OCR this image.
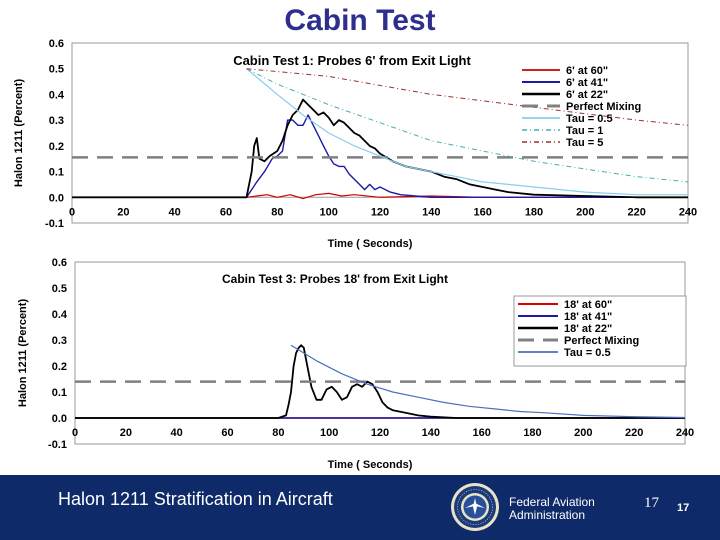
Cabin Test
-0.1
0.0
0.1
0.2
0.3
0.4
0.5
0.6
0	20	40	60	80	100	120	140	160	180	200	220	240
Time ( Seconds)
Halon 1211 (Percent)
Cabin Test 1: Probes 6' from Exit Light
6' at 60"
6' at 41"
6' at 22"
Perfect Mixing
Tau = 0.5
Tau = 1
Tau = 5
-0.1
0.0
0.1
0.2
0.3
0.4
0.5
0.6
0	20	40	60	80	100	120	140	160	180	200	220	240
Time ( Seconds)
Halon 1211 (Percent)
Cabin Test 3: Probes 18' from Exit Light
18' at 60"
18' at 41"
18' at 22"
Perfect Mixing
Tau = 0.5
Halon 1211 Stratification in Aircraft	Federal Aviation
Administration
17 17
